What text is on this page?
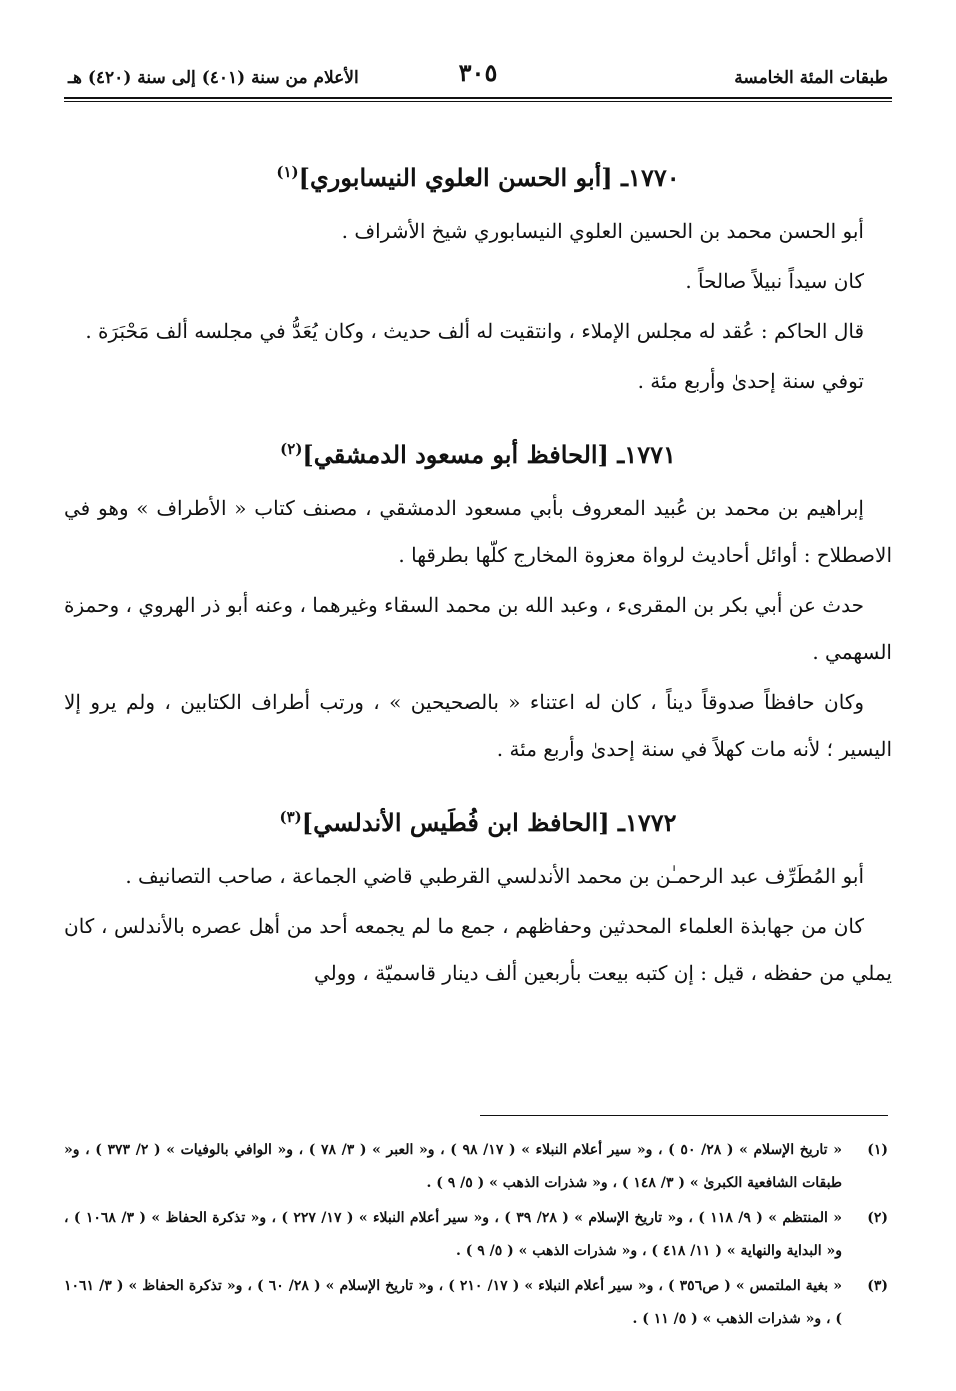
طبقات المئة الخامسة
٣٠٥
الأعلام من سنة (٤٠١) إلى سنة (٤٢٠) هـ
١٧٧٠ـ [أبو الحسن العلوي النيسابوري]$^{(١)}$

أبو الحسن محمد بن الحسين العلوي النيسابوري شيخ الأشراف .

كان سيداً نبيلاً صالحاً .

قال الحاكم : عُقد له مجلس الإملاء ، وانتقيت له ألف حديث ، وكان يُعَدُّ في مجلسه ألف مَحْبَرَة .

توفي سنة إحدىٰ وأربع مئة .

١٧٧١ـ [الحافظ أبو مسعود الدمشقي]$^{(٢)}$

إبراهيم بن محمد بن عُبيد المعروف بأبي مسعود الدمشقي ، مصنف كتاب « الأطراف » وهو في الاصطلاح : أوائل أحاديث لرواة معزوة المخارج كلّها بطرقها .

حدث عن أبي بكر بن المقرىء ، وعبد الله بن محمد السقاء وغيرهما ، وعنه أبو ذر الهروي ، وحمزة السهمي .

وكان حافظاً صدوقاً ديناً ، كان له اعتناء « بالصحيحين » ، ورتب أطراف الكتابين ، ولم يرو إلا اليسير ؛ لأنه مات كهلاً في سنة إحدىٰ وأربع مئة .

١٧٧٢ـ [الحافظ ابن فُطَيس الأندلسي]$^{(٣)}$

أبو المُطَرِّف عبد الرحمـٰن بن محمد الأندلسي القرطبي قاضي الجماعة ، صاحب التصانيف .

كان من جهابذة العلماء المحدثين وحفاظهم ، جمع ما لم يجمعه أحد من أهل عصره بالأندلس ، كان يملي من حفظه ، قيل : إن كتبه بيعت بأربعين ألف دينار قاسميّة ، وولي

(١)
« تاريخ الإسلام » ( ٢٨/ ٥٠ ) ، و« سير أعلام النبلاء » ( ١٧/ ٩٨ ) ، و« العبر » ( ٣/ ٧٨ ) ، و« الوافي بالوفيات » ( ٢/ ٣٧٣ ) ، و« طبقات الشافعية الكبرىٰ » ( ٣/ ١٤٨ ) ، و« شذرات الذهب » ( ٥/ ٩ ) .
(٢)
« المنتظم » ( ٩/ ١١٨ ) ، و« تاريخ الإسلام » ( ٢٨/ ٣٩ ) ، و« سير أعلام النبلاء » ( ١٧/ ٢٢٧ ) ، و« تذكرة الحفاظ » ( ٣/ ١٠٦٨ ) ، و« البداية والنهاية » ( ١١/ ٤١٨ ) ، و« شذرات الذهب » ( ٥/ ٩ ) .
(٣)
« بغية الملتمس » ( ص٣٥٦ ) ، و« سير أعلام النبلاء » ( ١٧/ ٢١٠ ) ، و« تاريخ الإسلام » ( ٢٨/ ٦٠ ) ، و« تذكرة الحفاظ » ( ٣/ ١٠٦١ ) ، و« شذرات الذهب » ( ٥/ ١١ ) .
